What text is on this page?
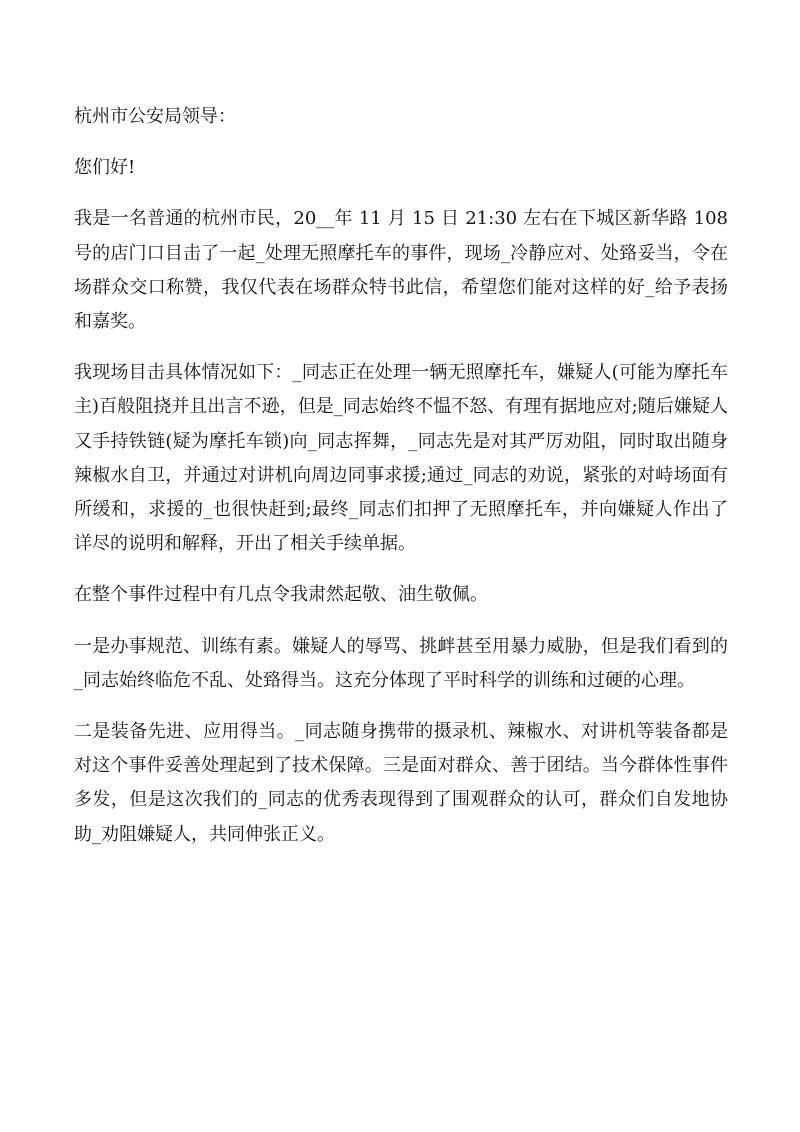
杭州市公安局领导：

您们好!

我是一名普通的杭州市民，20__年 11 月 15 日 21:30 左右在下城区新华路 108 号的店门口目击了一起_处理无照摩托车的事件，现场_冷静应对、处臵妥当，令在场群众交口称赞，我仅代表在场群众特书此信，希望您们能对这样的好_给予表扬和嘉奖。

我现场目击具体情况如下：_同志正在处理一辆无照摩托车，嫌疑人(可能为摩托车主)百般阻挠并且出言不逊，但是_同志始终不愠不怒、有理有据地应对;随后嫌疑人又手持铁链(疑为摩托车锁)向_同志挥舞，_同志先是对其严厉劝阻，同时取出随身辣椒水自卫，并通过对讲机向周边同事求援;通过_同志的劝说，紧张的对峙场面有所缓和，求援的_也很快赶到;最终_同志们扣押了无照摩托车，并向嫌疑人作出了详尽的说明和解释，开出了相关手续单据。

在整个事件过程中有几点令我肃然起敬、油生敬佩。

一是办事规范、训练有素。嫌疑人的辱骂、挑衅甚至用暴力威胁，但是我们看到的_同志始终临危不乱、处臵得当。这充分体现了平时科学的训练和过硬的心理。

二是装备先进、应用得当。_同志随身携带的摄录机、辣椒水、对讲机等装备都是对这个事件妥善处理起到了技术保障。三是面对群众、善于团结。当今群体性事件多发，但是这次我们的_同志的优秀表现得到了围观群众的认可，群众们自发地协助_劝阻嫌疑人，共同伸张正义。
